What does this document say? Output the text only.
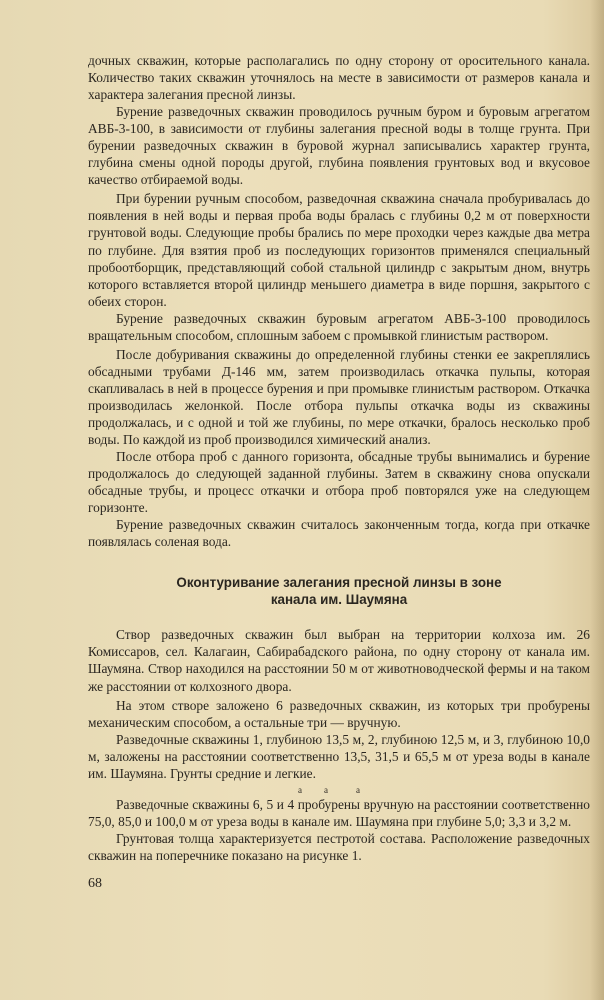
дочных скважин, которые располагались по одну сторону от оросительного канала. Количество таких скважин уточнялось на месте в зависимости от размеров канала и характера залегания пресной линзы.

Бурение разведочных скважин проводилось ручным буром и буровым агрегатом АВБ-3-100, в зависимости от глубины залегания пресной воды в толще грунта. При бурении разведочных скважин в буровой журнал записывались характер грунта, глубина смены одной породы другой, глубина появления грунтовых вод и вкусовое качество отбираемой воды.

При бурении ручным способом, разведочная скважина сначала пробуривалась до появления в ней воды и первая проба воды бралась с глубины 0,2 м от поверхности грунтовой воды. Следующие пробы брались по мере проходки через каждые два метра по глубине. Для взятия проб из последующих горизонтов применялся специальный пробоотборщик, представляющий собой стальной цилиндр с закрытым дном, внутрь которого вставляется второй цилиндр меньшего диаметра в виде поршня, закрытого с обеих сторон.

Бурение разведочных скважин буровым агрегатом АВБ-3-100 проводилось вращательным способом, сплошным забоем с промывкой глинистым раствором.

После добуривания скважины до определенной глубины стенки ее закреплялись обсадными трубами Д-146 мм, затем производилась откачка пульпы, которая скапливалась в ней в процессе бурения и при промывке глинистым раствором. Откачка производилась желонкой. После отбора пульпы откачка воды из скважины продолжалась, и с одной и той же глубины, по мере откачки, бралось несколько проб воды. По каждой из проб производился химический анализ.

После отбора проб с данного горизонта, обсадные трубы вынимались и бурение продолжалось до следующей заданной глубины. Затем в скважину снова опускали обсадные трубы, и процесс откачки и отбора проб повторялся уже на следующем горизонте.

Бурение разведочных скважин считалось законченным тогда, когда при откачке появлялась соленая вода.

Оконтуривание залегания пресной линзы в зоне
канала им. Шаумяна

Створ разведочных скважин был выбран на территории колхоза им. 26 Комиссаров, сел. Калагаин, Сабирабадского района, по одну сторону от канала им. Шаумяна. Створ находился на расстоянии 50 м от животноводческой фермы и на таком же расстоянии от колхозного двора.

На этом створе заложено 6 разведочных скважин, из которых три пробурены механическим способом, а остальные три — вручную.

Разведочные скважины 1, глубиною 13,5 м, 2, глубиною 12,5 м, и 3, глубиною 10,0 м, заложены на расстоянии соответственно 13,5, 31,5 и 65,5 м от уреза воды в канале им. Шаумяна. Грунты средние и легкие.

а а	а

Разведочные скважины 6, 5 и 4 пробурены вручную на расстоянии соответственно 75,0, 85,0 и 100,0 м от уреза воды в канале им. Шаумяна при глубине 5,0; 3,3 и 3,2 м.

Грунтовая толща характеризуется пестротой состава. Расположение разведочных скважин на поперечнике показано на рисунке 1.

68
